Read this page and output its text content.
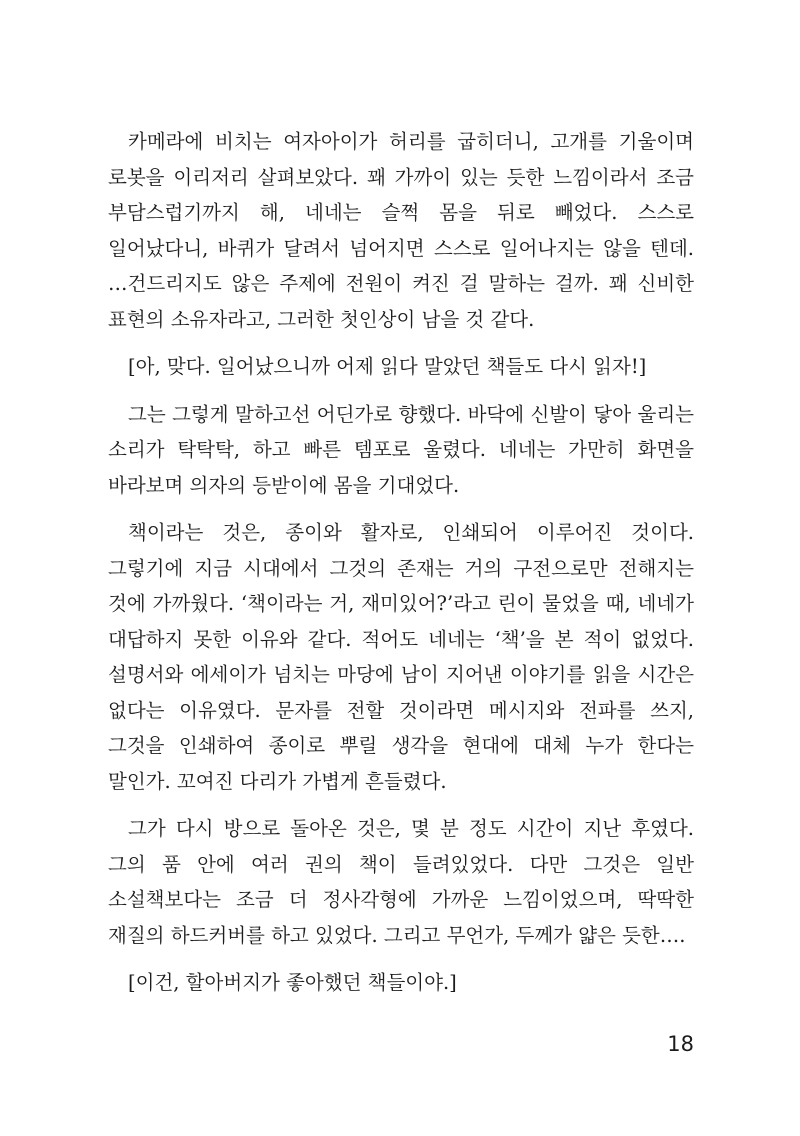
카메라에 비치는 여자아이가 허리를 굽히더니, 고개를 기울이며 로봇을 이리저리 살펴보았다. 꽤 가까이 있는 듯한 느낌이라서 조금 부담스럽기까지 해, 네네는 슬쩍 몸을 뒤로 빼었다. 스스로 일어났다니, 바퀴가 달려서 넘어지면 스스로 일어나지는 않을 텐데. …건드리지도 않은 주제에 전원이 켜진 걸 말하는 걸까. 꽤 신비한 표현의 소유자라고, 그러한 첫인상이 남을 것 같다.

[아, 맞다. 일어났으니까 어제 읽다 말았던 책들도 다시 읽자!]

그는 그렇게 말하고선 어딘가로 향했다. 바닥에 신발이 닿아 울리는 소리가 탁탁탁, 하고 빠른 템포로 울렸다. 네네는 가만히 화면을 바라보며 의자의 등받이에 몸을 기대었다.

책이라는 것은, 종이와 활자로, 인쇄되어 이루어진 것이다. 그렇기에 지금 시대에서 그것의 존재는 거의 구전으로만 전해지는 것에 가까웠다. ‘책이라는 거, 재미있어?’라고 린이 물었을 때, 네네가 대답하지 못한 이유와 같다. 적어도 네네는 ‘책’을 본 적이 없었다. 설명서와 에세이가 넘치는 마당에 남이 지어낸 이야기를 읽을 시간은 없다는 이유였다. 문자를 전할 것이라면 메시지와 전파를 쓰지, 그것을 인쇄하여 종이로 뿌릴 생각을 현대에 대체 누가 한다는 말인가. 꼬여진 다리가 가볍게 흔들렸다.

그가 다시 방으로 돌아온 것은, 몇 분 정도 시간이 지난 후였다. 그의 품 안에 여러 권의 책이 들려있었다. 다만 그것은 일반 소설책보다는 조금 더 정사각형에 가까운 느낌이었으며, 딱딱한 재질의 하드커버를 하고 있었다. 그리고 무언가, 두께가 얇은 듯한….

[이건, 할아버지가 좋아했던 책들이야.]

18
